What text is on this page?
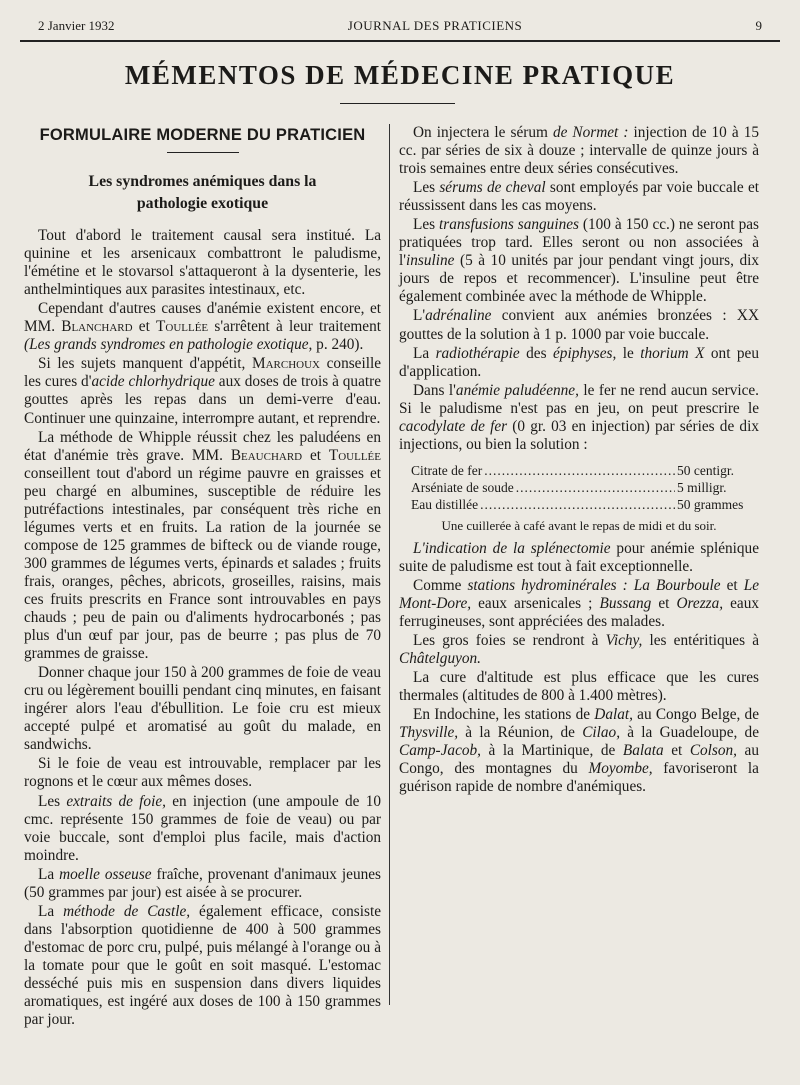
2 Janvier 1932	JOURNAL DES PRATICIENS	9
MÉMENTOS DE MÉDECINE PRATIQUE
FORMULAIRE MODERNE DU PRATICIEN
Les syndromes anémiques dans la pathologie exotique

Tout d'abord le traitement causal sera institué. La quinine et les arsenicaux combattront le paludisme, l'émétine et le stovarsol s'attaqueront à la dysenterie, les anthelmintiques aux parasites intestinaux, etc.

Cependant d'autres causes d'anémie existent encore, et MM. Blanchard et Toullée s'arrêtent à leur traitement (Les grands syndromes en pathologie exotique, p. 240).

Si les sujets manquent d'appétit, Marchoux conseille les cures d'acide chlorhydrique aux doses de trois à quatre gouttes après les repas dans un demi-verre d'eau. Continuer une quinzaine, interrompre autant, et reprendre.

La méthode de Whipple réussit chez les paludéens en état d'anémie très grave. MM. Beauchard et Toullée conseillent tout d'abord un régime pauvre en graisses et peu chargé en albumines, susceptible de réduire les putréfactions intestinales, par conséquent très riche en légumes verts et en fruits. La ration de la journée se compose de 125 grammes de bifteck ou de viande rouge, 300 grammes de légumes verts, épinards et salades ; fruits frais, oranges, pêches, abricots, groseilles, raisins, mais ces fruits prescrits en France sont introuvables en pays chauds ; peu de pain ou d'aliments hydrocarbonés ; pas plus d'un œuf par jour, pas de beurre ; pas plus de 70 grammes de graisse.

Donner chaque jour 150 à 200 grammes de foie de veau cru ou légèrement bouilli pendant cinq minutes, en faisant ingérer alors l'eau d'ébullition. Le foie cru est mieux accepté pulpé et aromatisé au goût du malade, en sandwichs.

Si le foie de veau est introuvable, remplacer par les rognons et le cœur aux mêmes doses.

Les extraits de foie, en injection (une ampoule de 10 cmc. représente 150 grammes de foie de veau) ou par voie buccale, sont d'emploi plus facile, mais d'action moindre.

La moelle osseuse fraîche, provenant d'animaux jeunes (50 grammes par jour) est aisée à se procurer.

La méthode de Castle, également efficace, consiste dans l'absorption quotidienne de 400 à 500 grammes d'estomac de porc cru, pulpé, puis mélangé à l'orange ou à la tomate pour que le goût en soit masqué. L'estomac desséché puis mis en suspension dans divers liquides aromatiques, est ingéré aux doses de 100 à 150 grammes par jour.

On injectera le sérum de Normet : injection de 10 à 15 cc. par séries de six à douze ; intervalle de quinze jours à trois semaines entre deux séries consécutives.

Les sérums de cheval sont employés par voie buccale et réussissent dans les cas moyens.

Les transfusions sanguines (100 à 150 cc.) ne seront pas pratiquées trop tard. Elles seront ou non associées à l'insuline (5 à 10 unités par jour pendant vingt jours, dix jours de repos et recommencer). L'insuline peut être également combinée avec la méthode de Whipple.

L'adrénaline convient aux anémies bronzées : XX gouttes de la solution à 1 p. 1000 par voie buccale.

La radiothérapie des épiphyses, le thorium X ont peu d'application.

Dans l'anémie paludéenne, le fer ne rend aucun service. Si le paludisme n'est pas en jeu, on peut prescrire le cacodylate de fer (0 gr. 03 en injection) par séries de dix injections, ou bien la solution :

Citrate de fer .....	50 centigr.
Arséniate de soude .....	5 milligr.
Eau distillée .....	50 grammes
Une cuillerée à café avant le repas de midi et du soir.

L'indication de la splénectomie pour anémie splénique suite de paludisme est tout à fait exceptionnelle.

Comme stations hydrominérales : La Bourboule et Le Mont-Dore, eaux arsenicales ; Bussang et Orezza, eaux ferrugineuses, sont appréciées des malades.

Les gros foies se rendront à Vichy, les entéritiques à Châtelguyon.

La cure d'altitude est plus efficace que les cures thermales (altitudes de 800 à 1.400 mètres).

En Indochine, les stations de Dalat, au Congo Belge, de Thysville, à la Réunion, de Cilao, à la Guadeloupe, de Camp-Jacob, à la Martinique, de Balata et Colson, au Congo, des montagnes du Moyombe, favoriseront la guérison rapide de nombre d'anémiques.
